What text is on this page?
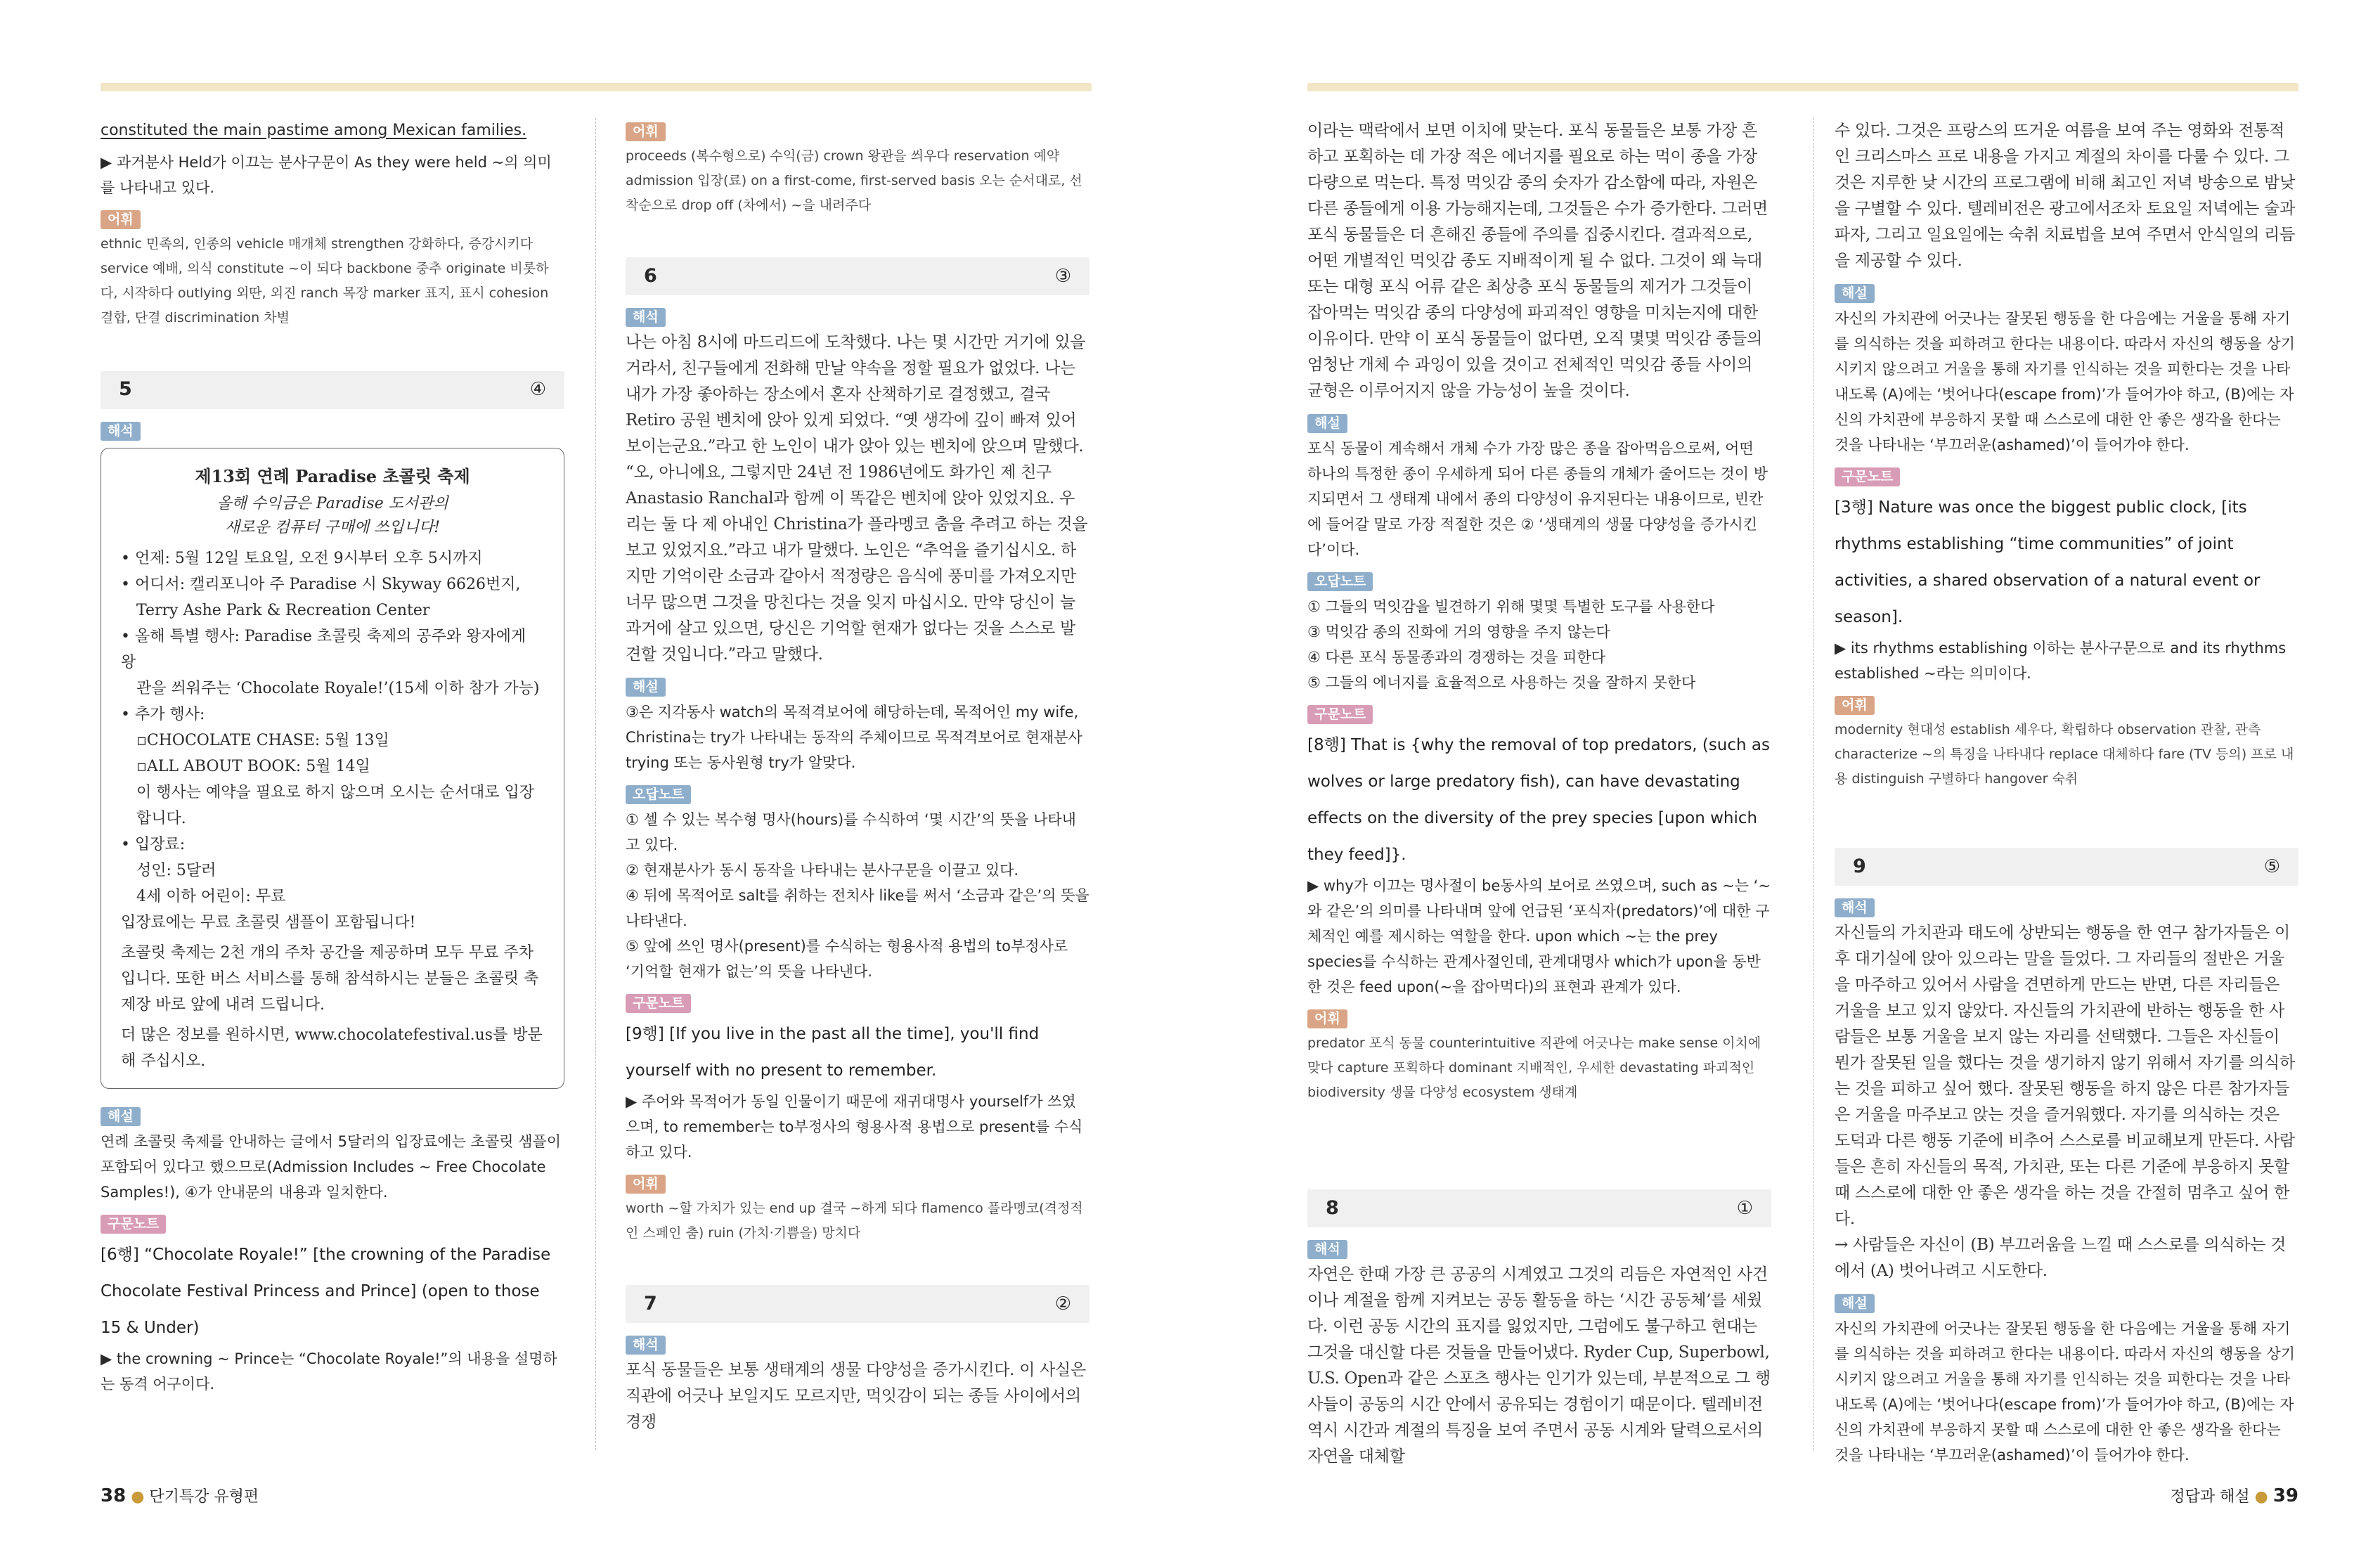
constituted the main pastime among Mexican families.
▶ 과거분사 Held가 이끄는 분사구문이 As they were held ~의 의미를 나타내고 있다.
어휘
ethnic 민족의, 인종의 vehicle 매개체 strengthen 강화하다, 증강시키다 service 예배, 의식 constitute ~이 되다 backbone 중추 originate 비롯하다, 시작하다 outlying 외딴, 외진 ranch 목장 marker 표지, 표시 cohesion 결합, 단결 discrimination 차별
5	④
해석
제13회 연례 Paradise 초콜릿 축제
올해 수익금은 Paradise 도서관의
새로운 컴퓨터 구매에 쓰입니다!
• 언제: 5월 12일 토요일, 오전 9시부터 오후 5시까지
• 어디서: 캘리포니아 주 Paradise 시 Skyway 6626번지,
Terry Ashe Park & Recreation Center
• 올해 특별 행사: Paradise 초콜릿 축제의 공주와 왕자에게 왕
관을 씌워주는 ‘Chocolate Royale!’(15세 이하 참가 가능)
• 추가 행사:
▫CHOCOLATE CHASE: 5월 13일
▫ALL ABOUT BOOK: 5월 14일
이 행사는 예약을 필요로 하지 않으며 오시는 순서대로 입장합니다.
• 입장료:
성인: 5달러
4세 이하 어린이: 무료
입장료에는 무료 초콜릿 샘플이 포함됩니다!
초콜릿 축제는 2천 개의 주차 공간을 제공하며 모두 무료 주차입니다. 또한 버스 서비스를 통해 참석하시는 분들은 초콜릿 축제장 바로 앞에 내려 드립니다.
더 많은 정보를 원하시면, www.chocolatefestival.us를 방문해 주십시오.
해설
연례 초콜릿 축제를 안내하는 글에서 5달러의 입장료에는 초콜릿 샘플이 포함되어 있다고 했으므로(Admission Includes ~ Free Chocolate Samples!), ④가 안내문의 내용과 일치한다.
구문노트
[6행] “Chocolate Royale!” [the crowning of the Paradise Chocolate Festival Princess and Prince] (open to those 15 & Under)
▶ the crowning ~ Prince는 “Chocolate Royale!”의 내용을 설명하는 동격 어구이다.
어휘
proceeds (복수형으로) 수익(금) crown 왕관을 씌우다 reservation 예약 admission 입장(료) on a first-come, first-served basis 오는 순서대로, 선착순으로 drop off (차에서) ~을 내려주다
6	③
해석
나는 아침 8시에 마드리드에 도착했다. 나는 몇 시간만 거기에 있을 거라서, 친구들에게 전화해 만날 약속을 정할 필요가 없었다. 나는 내가 가장 좋아하는 장소에서 혼자 산책하기로 결정했고, 결국 Retiro 공원 벤치에 앉아 있게 되었다. “옛 생각에 깊이 빠져 있어 보이는군요.”라고 한 노인이 내가 앉아 있는 벤치에 앉으며 말했다. “오, 아니에요, 그렇지만 24년 전 1986년에도 화가인 제 친구 Anastasio Ranchal과 함께 이 똑같은 벤치에 앉아 있었지요. 우리는 둘 다 제 아내인 Christina가 플라멩코 춤을 추려고 하는 것을 보고 있었지요.”라고 내가 말했다. 노인은 “추억을 즐기십시오. 하지만 기억이란 소금과 같아서 적정량은 음식에 풍미를 가져오지만 너무 많으면 그것을 망친다는 것을 잊지 마십시오. 만약 당신이 늘 과거에 살고 있으면, 당신은 기억할 현재가 없다는 것을 스스로 발견할 것입니다.”라고 말했다.
해설
③은 지각동사 watch의 목적격보어에 해당하는데, 목적어인 my wife, Christina는 try가 나타내는 동작의 주체이므로 목적격보어로 현재분사 trying 또는 동사원형 try가 알맞다.
오답노트
① 셀 수 있는 복수형 명사(hours)를 수식하여 ‘몇 시간’의 뜻을 나타내고 있다.
② 현재분사가 동시 동작을 나타내는 분사구문을 이끌고 있다.
④ 뒤에 목적어로 salt를 취하는 전치사 like를 써서 ‘소금과 같은’의 뜻을 나타낸다.
⑤ 앞에 쓰인 명사(present)를 수식하는 형용사적 용법의 to부정사로 ‘기억할 현재가 없는’의 뜻을 나타낸다.
구문노트
[9행] [If you live in the past all the time], you'll find yourself with no present to remember.
▶ 주어와 목적어가 동일 인물이기 때문에 재귀대명사 yourself가 쓰였으며, to remember는 to부정사의 형용사적 용법으로 present를 수식하고 있다.
어휘
worth ~할 가치가 있는 end up 결국 ~하게 되다 flamenco 플라멩코(격정적인 스페인 춤) ruin (가치·기쁨을) 망치다
7	②
해석
포식 동물들은 보통 생태계의 생물 다양성을 증가시킨다. 이 사실은 직관에 어긋나 보일지도 모르지만, 먹잇감이 되는 종들 사이에서의 경쟁
이라는 맥락에서 보면 이치에 맞는다. 포식 동물들은 보통 가장 흔하고 포획하는 데 가장 적은 에너지를 필요로 하는 먹이 종을 가장 다량으로 먹는다. 특정 먹잇감 종의 숫자가 감소함에 따라, 자원은 다른 종들에게 이용 가능해지는데, 그것들은 수가 증가한다. 그러면 포식 동물들은 더 흔해진 종들에 주의를 집중시킨다. 결과적으로, 어떤 개별적인 먹잇감 종도 지배적이게 될 수 없다. 그것이 왜 늑대 또는 대형 포식 어류 같은 최상층 포식 동물들의 제거가 그것들이 잡아먹는 먹잇감 종의 다양성에 파괴적인 영향을 미치는지에 대한 이유이다. 만약 이 포식 동물들이 없다면, 오직 몇몇 먹잇감 종들의 엄청난 개체 수 과잉이 있을 것이고 전체적인 먹잇감 종들 사이의 균형은 이루어지지 않을 가능성이 높을 것이다.
해설
포식 동물이 계속해서 개체 수가 가장 많은 종을 잡아먹음으로써, 어떤 하나의 특정한 종이 우세하게 되어 다른 종들의 개체가 줄어드는 것이 방지되면서 그 생태계 내에서 종의 다양성이 유지된다는 내용이므로, 빈칸에 들어갈 말로 가장 적절한 것은 ② ‘생태계의 생물 다양성을 증가시킨다’이다.
오답노트
① 그들의 먹잇감을 빌견하기 위해 몇몇 특별한 도구를 사용한다
③ 먹잇감 종의 진화에 거의 영향을 주지 않는다
④ 다른 포식 동물종과의 경쟁하는 것을 피한다
⑤ 그들의 에너지를 효율적으로 사용하는 것을 잘하지 못한다
구문노트
[8행] That is {why the removal of top predators, (such as wolves or large predatory fish), can have devastating effects on the diversity of the prey species [upon which they feed]}.
▶ why가 이끄는 명사절이 be동사의 보어로 쓰였으며, such as ~는 ‘~와 같은’의 의미를 나타내며 앞에 언급된 ‘포식자(predators)’에 대한 구체적인 예를 제시하는 역할을 한다. upon which ~는 the prey species를 수식하는 관계사절인데, 관계대명사 which가 upon을 동반한 것은 feed upon(~을 잡아먹다)의 표현과 관계가 있다.
어휘
predator 포식 동물 counterintuitive 직관에 어긋나는 make sense 이치에 맞다 capture 포획하다 dominant 지배적인, 우세한 devastating 파괴적인 biodiversity 생물 다양성 ecosystem 생태계
8	①
해석
자연은 한때 가장 큰 공공의 시계였고 그것의 리듬은 자연적인 사건이나 계절을 함께 지켜보는 공동 활동을 하는 ‘시간 공동체’를 세웠다. 이런 공동 시간의 표지를 잃었지만, 그럼에도 불구하고 현대는 그것을 대신할 다른 것들을 만들어냈다. Ryder Cup, Superbowl, U.S. Open과 같은 스포츠 행사는 인기가 있는데, 부분적으로 그 행사들이 공동의 시간 안에서 공유되는 경험이기 때문이다. 텔레비전 역시 시간과 계절의 특징을 보여 주면서 공동 시계와 달력으로서의 자연을 대체할
수 있다. 그것은 프랑스의 뜨거운 여름을 보여 주는 영화와 전통적인 크리스마스 프로 내용을 가지고 계절의 차이를 다룰 수 있다. 그것은 지루한 낮 시간의 프로그램에 비해 최고인 저녁 방송으로 밤낮을 구별할 수 있다. 텔레비전은 광고에서조차 토요일 저녁에는 술과 파자, 그리고 일요일에는 숙취 치료법을 보여 주면서 안식일의 리듬을 제공할 수 있다.
해설
자신의 가치관에 어긋나는 잘못된 행동을 한 다음에는 거울을 통해 자기를 의식하는 것을 피하려고 한다는 내용이다. 따라서 자신의 행동을 상기시키지 않으려고 거울을 통해 자기를 인식하는 것을 피한다는 것을 나타내도록 (A)에는 ‘벗어나다(escape from)’가 들어가야 하고, (B)에는 자신의 가치관에 부응하지 못할 때 스스로에 대한 안 좋은 생각을 한다는 것을 나타내는 ‘부끄러운(ashamed)’이 들어가야 한다.
구문노트
[3행] Nature was once the biggest public clock, [its rhythms establishing “time communities” of joint activities, a shared observation of a natural event or season].
▶ its rhythms establishing 이하는 분사구문으로 and its rhythms established ~라는 의미이다.
어휘
modernity 현대성 establish 세우다, 확립하다 observation 관찰, 관측 characterize ~의 특징을 나타내다 replace 대체하다 fare (TV 등의) 프로 내용 distinguish 구별하다 hangover 숙취
9	⑤
해석
자신들의 가치관과 태도에 상반되는 행동을 한 연구 참가자들은 이후 대기실에 앉아 있으라는 말을 들었다. 그 자리들의 절반은 거울을 마주하고 있어서 사람을 견면하게 만드는 반면, 다른 자리들은 거울을 보고 있지 않았다. 자신들의 가치관에 반하는 행동을 한 사람들은 보통 거울을 보지 않는 자리를 선택했다. 그들은 자신들이 뭔가 잘못된 일을 했다는 것을 생기하지 않기 위해서 자기를 의식하는 것을 피하고 싶어 했다. 잘못된 행동을 하지 않은 다른 참가자들은 거울을 마주보고 앉는 것을 즐거워했다. 자기를 의식하는 것은 도덕과 다른 행동 기준에 비추어 스스로를 비교해보게 만든다. 사람들은 흔히 자신들의 목적, 가치관, 또는 다른 기준에 부응하지 못할 때 스스로에 대한 안 좋은 생각을 하는 것을 간절히 멈추고 싶어 한다.
→ 사람들은 자신이 (B) 부끄러움을 느낄 때 스스로를 의식하는 것에서 (A) 벗어나려고 시도한다.
해설
자신의 가치관에 어긋나는 잘못된 행동을 한 다음에는 거울을 통해 자기를 의식하는 것을 피하려고 한다는 내용이다. 따라서 자신의 행동을 상기시키지 않으려고 거울을 통해 자기를 인식하는 것을 피한다는 것을 나타내도록 (A)에는 ‘벗어나다(escape from)’가 들어가야 하고, (B)에는 자신의 가치관에 부응하지 못할 때 스스로에 대한 안 좋은 생각을 한다는 것을 나타내는 ‘부끄러운(ashamed)’이 들어가야 한다.
38 ● 단기특강 유형편	정답과 해설 ● 39
